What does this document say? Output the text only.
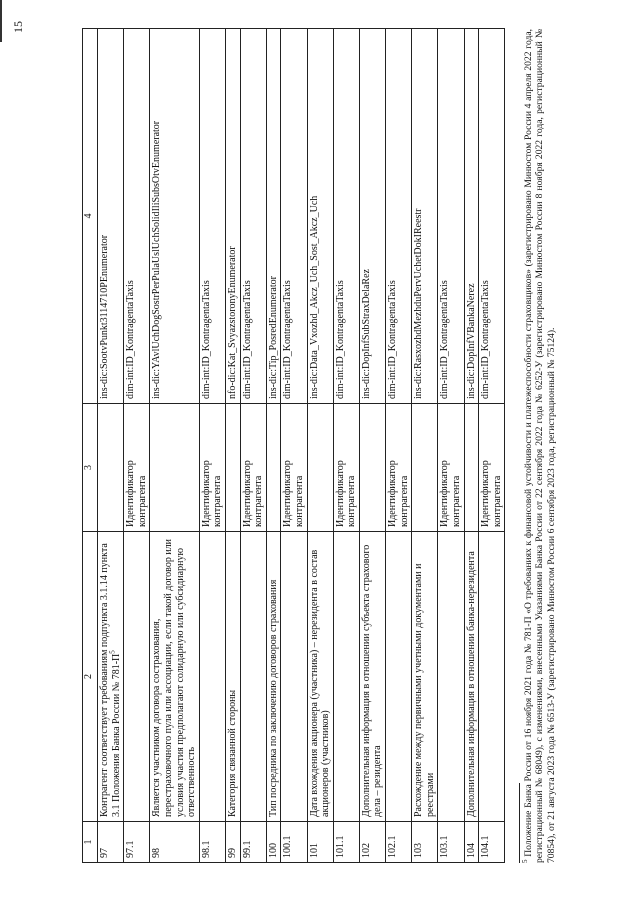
15
1	2	3	4
97	Контрагент соответствует требованиям подпункта 3.1.14 пункта 3.1 Положения Банка России № $781-П^5$		ins-dic:SootvPunkt3114710PEnumerator
97.1		Идентификатор контрагента	dim-int:ID_KontragentaTaxis
98	Является участником договора сострахования, перестраховочного пула или ассоциации, если такой договор или условия участия предполагают солидарную или субсидиарную ответственность		ins-dic:YAvlUchDogSostrPerPulaUslUchSolidIliSubsOtvEnumerator
98.1		Идентификатор контрагента	dim-int:ID_KontragentaTaxis
99	Категория связанной стороны		nfo-dic:Kat_SvyazstoronyEnumerator
99.1		Идентификатор контрагента	dim-int:ID_KontragentaTaxis
100	Тип посредника по заключению договоров страхования		ins-dic:Tip_PosredEnumerator
100.1		Идентификатор контрагента	dim-int:ID_KontragentaTaxis
101	Дата вхождения акционера (участника) – нерезидента в состав акционеров (участников)		ins-dic:Data_Vxozhd_Akcz_Uch_Sost_Akcz_Uch
101.1		Идентификатор контрагента	dim-int:ID_KontragentaTaxis
102	Дополнительная информация в отношении субъекта страхового дела – резидента		ins-dic:DopInfSubStraxDelaRez
102.1		Идентификатор контрагента	dim-int:ID_KontragentaTaxis
103	Расхождение между первичными учетными документами и реестрами		ins-dic:RasxozhdMezhduPervUchetDokIReestr
103.1		Идентификатор контрагента	dim-int:ID_KontragentaTaxis
104	Дополнительная информация в отношении банка-нерезидента		ins-dic:DopInfVBankaNerez
104.1		Идентификатор контрагента	dim-int:ID_KontragentaTaxis
$^5$ Положение Банка России от 16 ноября 2021 года № 781-П «О требованиях к финансовой устойчивости и платежеспособности страховщиков» (зарегистрировано Минюстом России 4 апреля 2022 года, регистрационный № 68049), с изменениями, внесенными Указаниями Банка России от 22 сентября 2022 года № 6252-У (зарегистрировано Минюстом России 8 ноября 2022 года, регистрационный № 70854), от 21 августа 2023 года № 6513-У (зарегистрировано Минюстом России 6 сентября 2023 года, регистрационный № 75124).
